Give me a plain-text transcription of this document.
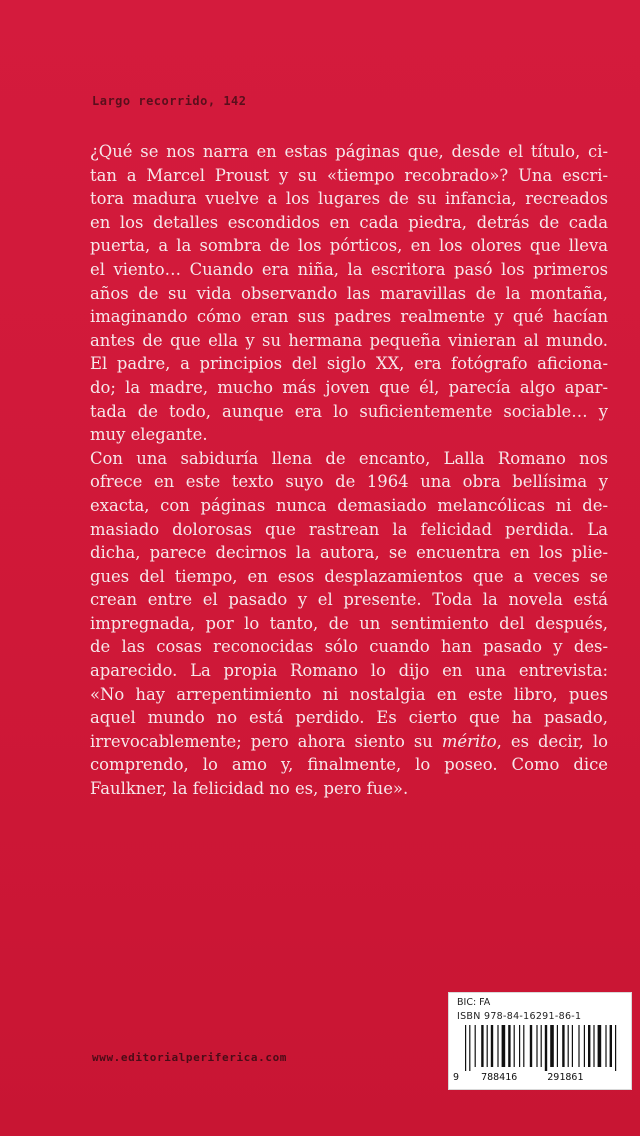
Largo recorrido, 142
¿Qué se nos narra en estas páginas que, desde el título, ci-
tan a Marcel Proust y su «tiempo recobrado»? Una escri-
tora madura vuelve a los lugares de su infancia, recreados
en los detalles escondidos en cada piedra, detrás de cada
puerta, a la sombra de los pórticos, en los olores que lleva
el viento… Cuando era niña, la escritora pasó los primeros
años de su vida observando las maravillas de la montaña,
imaginando cómo eran sus padres realmente y qué hacían
antes de que ella y su hermana pequeña vinieran al mundo.
El padre, a principios del siglo XX, era fotógrafo aficiona-
do; la madre, mucho más joven que él, parecía algo apar-
tada de todo, aunque era lo suficientemente sociable… y
muy elegante.
Con una sabiduría llena de encanto, Lalla Romano nos
ofrece en este texto suyo de 1964 una obra bellísima y
exacta, con páginas nunca demasiado melancólicas ni de-
masiado dolorosas que rastrean la felicidad perdida. La
dicha, parece decirnos la autora, se encuentra en los plie-
gues del tiempo, en esos desplazamientos que a veces se
crean entre el pasado y el presente. Toda la novela está
impregnada, por lo tanto, de un sentimiento del después,
de las cosas reconocidas sólo cuando han pasado y des-
aparecido. La propia Romano lo dijo en una entrevista:
«No hay arrepentimiento ni nostalgia en este libro, pues
aquel mundo no está perdido. Es cierto que ha pasado,
irrevocablemente; pero ahora siento su mérito, es decir, lo
comprendo, lo amo y, finalmente, lo poseo. Como dice
Faulkner, la felicidad no es, pero fue».
BIC: FA
ISBN 978-84-16291-86-1
9 788416	291861
www.editorialperiferica.com
